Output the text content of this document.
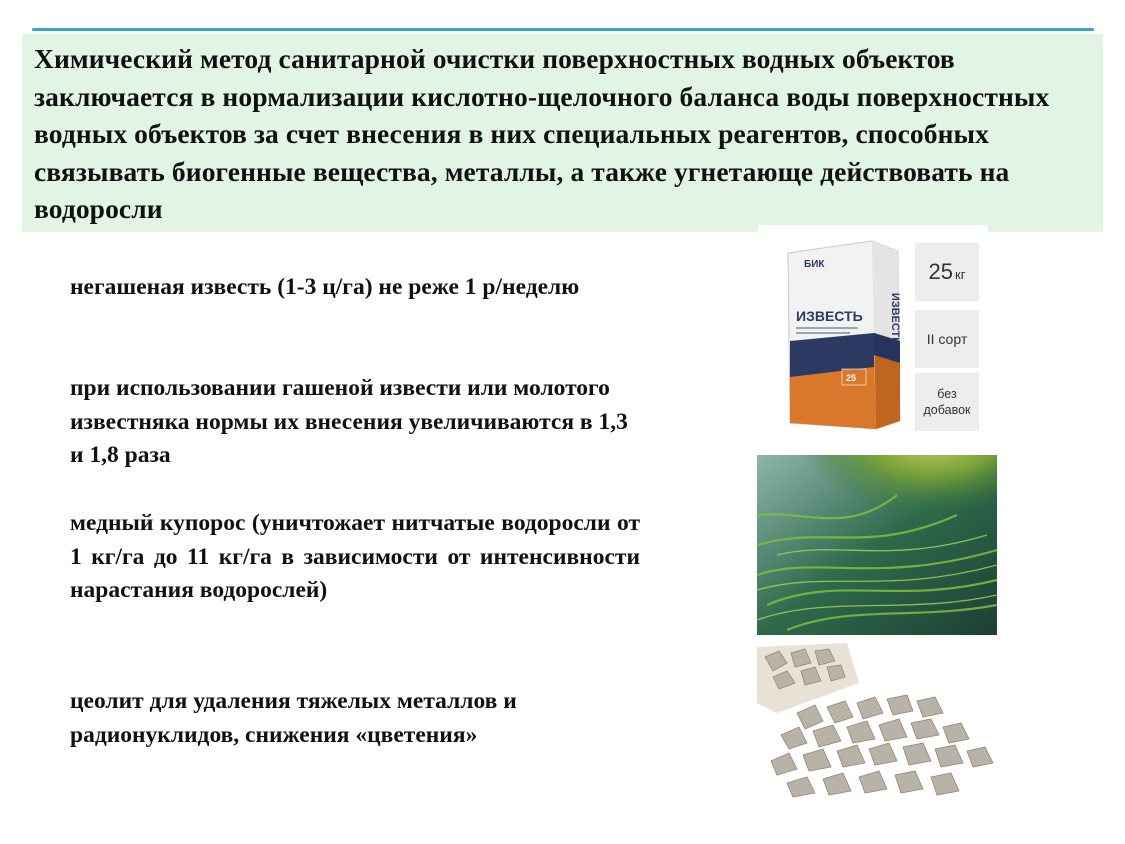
Химический метод санитарной очистки поверхностных водных объектов заключается в нормализации кислотно-щелочного баланса воды поверхностных водных объектов за счет внесения в них специальных реагентов, способных связывать биогенные вещества, металлы, а также угнетающе действовать на водоросли

негашеная известь (1-3 ц/га) не реже 1 р/неделю

при использовании гашеной извести или молотого известняка нормы их внесения увеличиваются в 1,3 и 1,8 раза

медный купорос (уничтожает нитчатые водоросли от 1 кг/га до 11 кг/га в зависимости от интенсивности нарастания водорослей)

цеолит для удаления тяжелых металлов и радионуклидов, снижения «цветения»

БИК
ИЗВЕСТЬ
25
ИЗВЕСТЬ
25 кг
II сорт
без добавок
